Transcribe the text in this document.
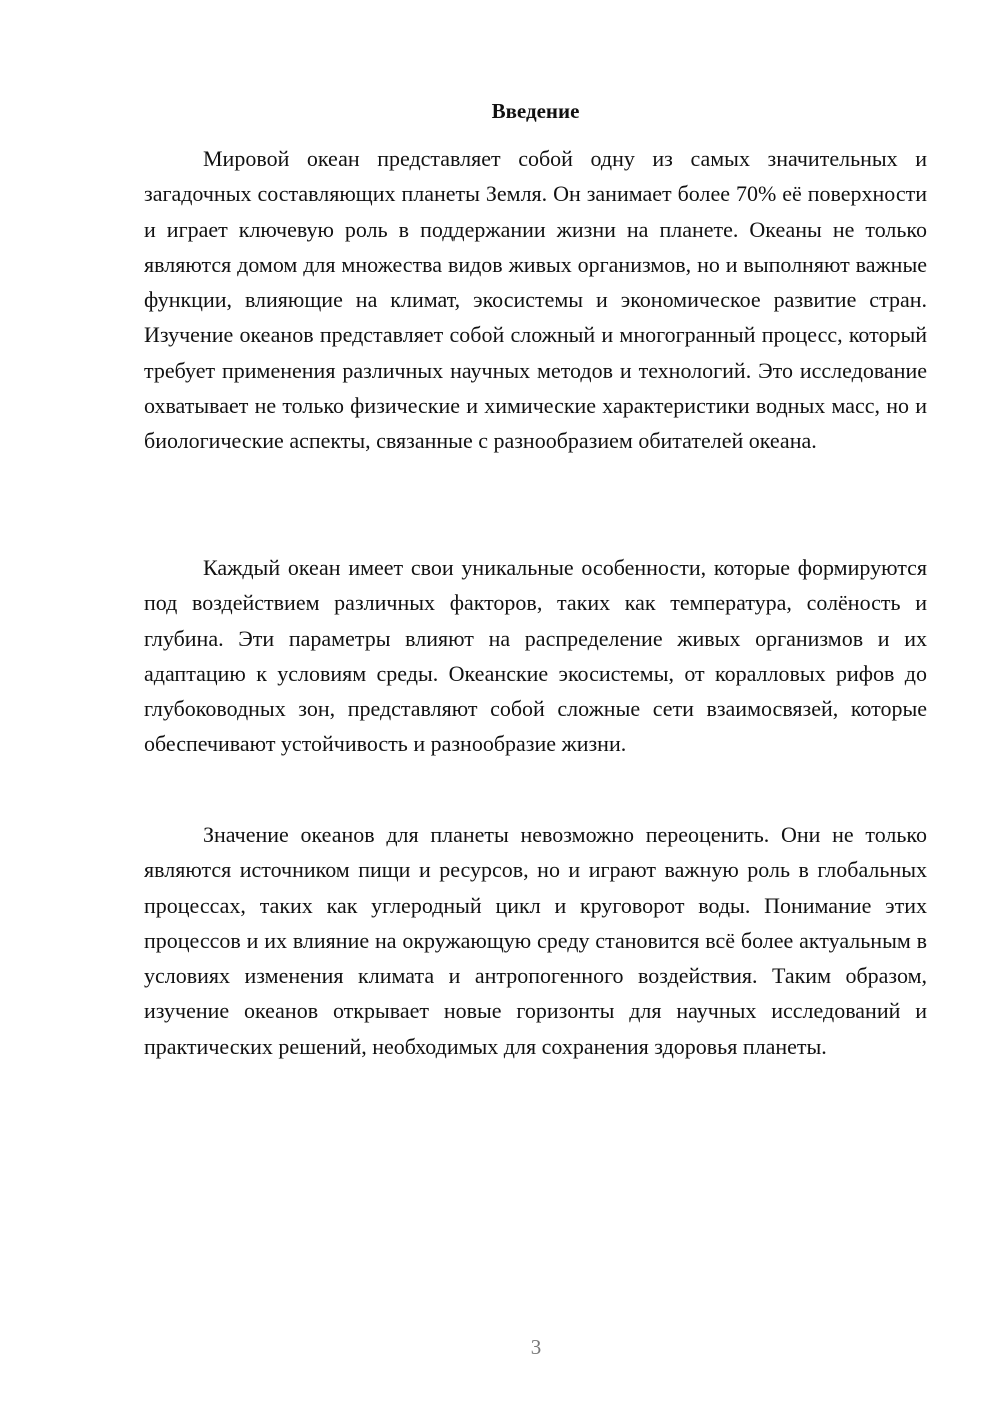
Введение

Мировой океан представляет собой одну из самых значительных и загадочных составляющих планеты Земля. Он занимает более 70% её поверхности и играет ключевую роль в поддержании жизни на планете. Океаны не только являются домом для множества видов живых организмов, но и выполняют важные функции, влияющие на климат, экосистемы и экономическое развитие стран. Изучение океанов представляет собой сложный и многогранный процесс, который требует применения различных научных методов и технологий. Это исследование охватывает не только физические и химические характеристики водных масс, но и биологические аспекты, связанные с разнообразием обитателей океана.

Каждый океан имеет свои уникальные особенности, которые формируются под воздействием различных факторов, таких как температура, солёность и глубина. Эти параметры влияют на распределение живых организмов и их адаптацию к условиям среды. Океанские экосистемы, от коралловых рифов до глубоководных зон, представляют собой сложные сети взаимосвязей, которые обеспечивают устойчивость и разнообразие жизни.

Значение океанов для планеты невозможно переоценить. Они не только являются источником пищи и ресурсов, но и играют важную роль в глобальных процессах, таких как углеродный цикл и круговорот воды. Понимание этих процессов и их влияние на окружающую среду становится всё более актуальным в условиях изменения климата и антропогенного воздействия. Таким образом, изучение океанов открывает новые горизонты для научных исследований и практических решений, необходимых для сохранения здоровья планеты.

3
